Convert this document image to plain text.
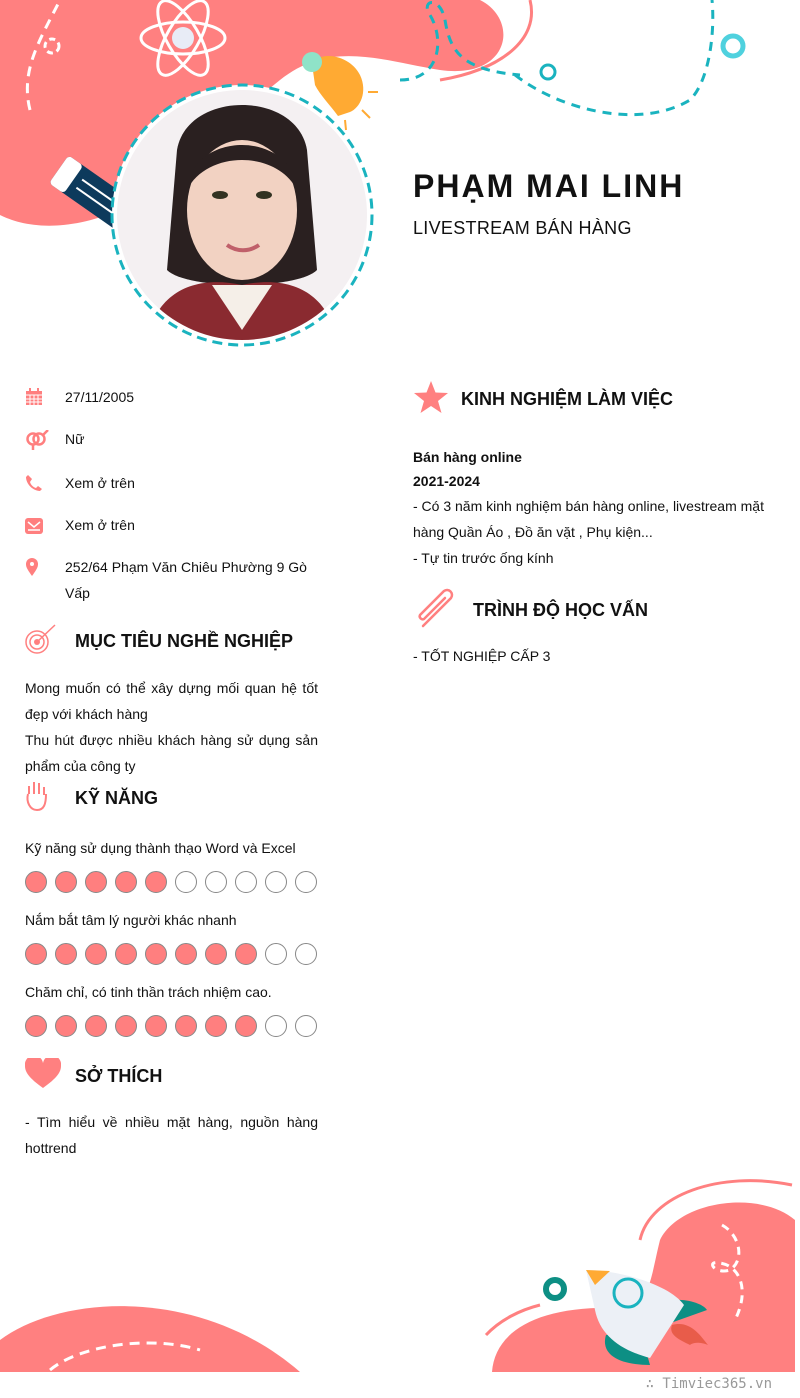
PHẠM MAI LINH
LIVESTREAM BÁN HÀNG
27/11/2005
Nữ
Xem ở trên
Xem ở trên
252/64 Phạm Văn Chiêu Phường 9 Gò Vấp
MỤC TIÊU NGHỀ NGHIỆP
Mong muốn có thể xây dựng mối quan hệ tốt đẹp với khách hàng
Thu hút được nhiều khách hàng sử dụng sản phẩm của công ty
KỸ NĂNG
Kỹ năng sử dụng thành thạo Word và Excel
Nắm bắt tâm lý người khác nhanh
Chăm chỉ, có tinh thần trách nhiệm cao.
SỞ THÍCH
- Tìm hiểu về nhiều mặt hàng, nguồn hàng hottrend
KINH NGHIỆM LÀM VIỆC
Bán hàng online
2021-2024
- Có 3 năm kinh nghiệm bán hàng online, livestream mặt hàng Quần Áo , Đồ ăn vặt , Phụ kiện...
- Tự tin trước ống kính
TRÌNH ĐỘ HỌC VẤN
- TỐT NGHIỆP CẤP 3
∴ Timviec365.vn
